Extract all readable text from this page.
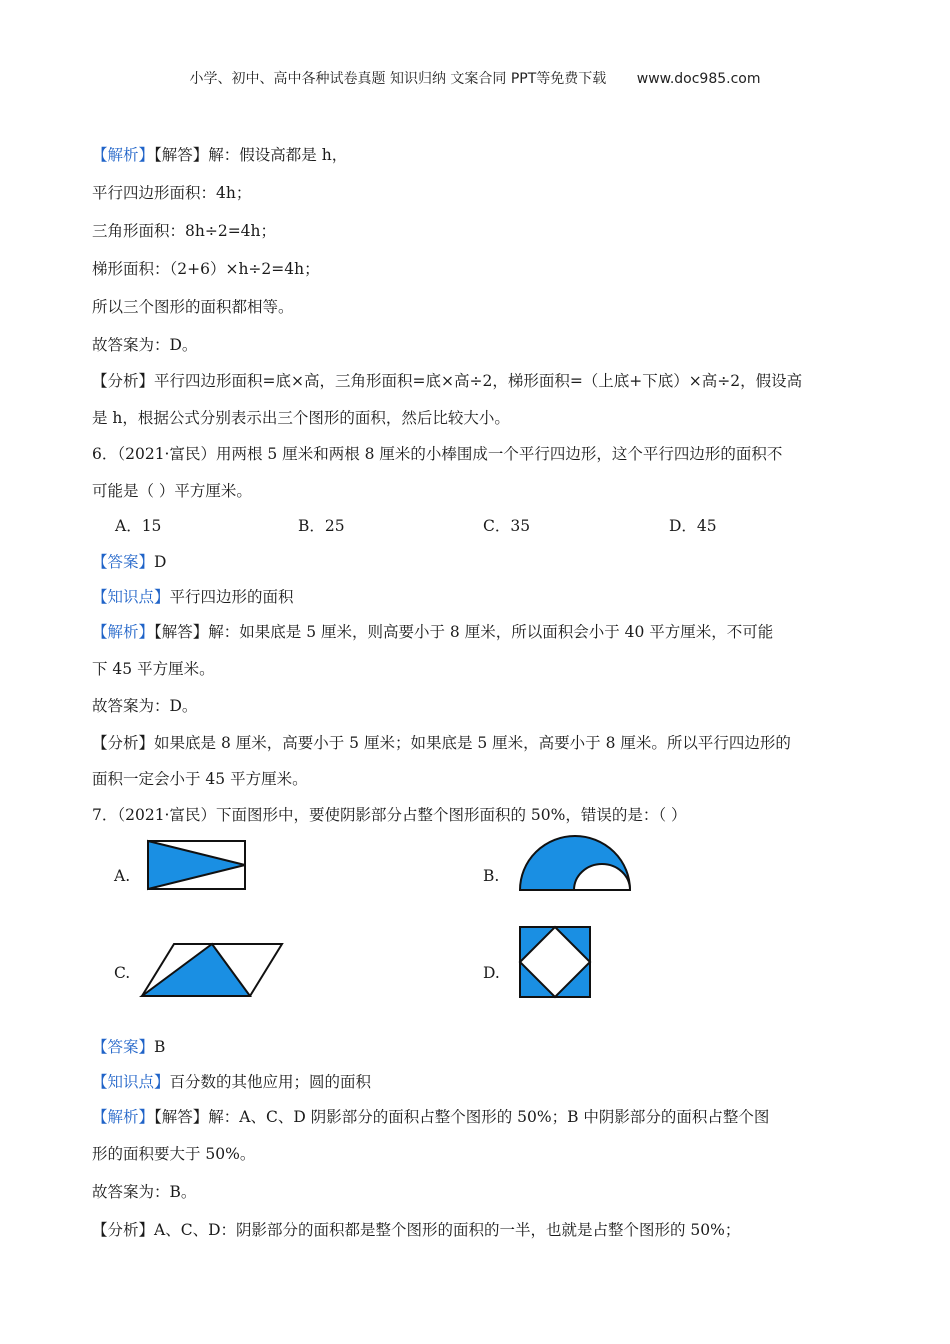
小学、初中、高中各种试卷真题 知识归纳 文案合同 PPT等免费下载 www.doc985.com
【解析】【解答】解：假设高都是 h，
平行四边形面积：4h；
三角形面积：8h÷2=4h；
梯形面积：（2+6）×h÷2=4h；
所以三个图形的面积都相等。
故答案为：D。
【分析】平行四边形面积=底×高，三角形面积=底×高÷2，梯形面积=（上底+下底）×高÷2，假设高
是 h，根据公式分别表示出三个图形的面积，然后比较大小。
6．（2021·富民）用两根 5 厘米和两根 8 厘米的小棒围成一个平行四边形，这个平行四边形的面积不
可能是（ ）平方厘米。
A．15	B．25	C．35	D．45
【答案】D
【知识点】平行四边形的面积
【解析】【解答】解：如果底是 5 厘米，则高要小于 8 厘米，所以面积会小于 40 平方厘米，不可能
下 45 平方厘米。
故答案为：D。
【分析】如果底是 8 厘米，高要小于 5 厘米；如果底是 5 厘米，高要小于 8 厘米。所以平行四边形的
面积一定会小于 45 平方厘米。
7．（2021·富民）下面图形中，要使阴影部分占整个图形面积的 50%，错误的是：（ ）
A.	B.
C.	D.
【答案】B
【知识点】百分数的其他应用；圆的面积
【解析】【解答】解：A、C、D 阴影部分的面积占整个图形的 50%；B 中阴影部分的面积占整个图
形的面积要大于 50%。
故答案为：B。
【分析】A、C、D：阴影部分的面积都是整个图形的面积的一半，也就是占整个图形的 50%；
